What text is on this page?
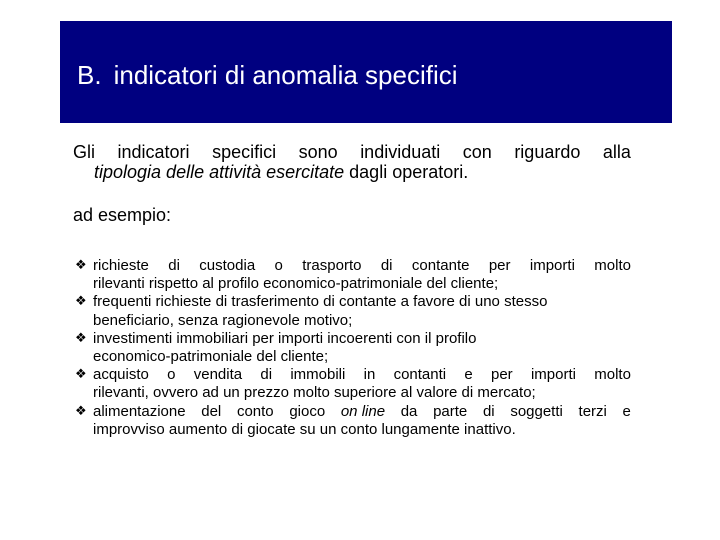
B. indicatori di anomalia specifici
Gli indicatori specifici sono individuati con riguardo alla
tipologia delle attività esercitate dagli operatori.
ad esempio:
❖ richieste di custodia o trasporto di contante per importi molto
rilevanti rispetto al profilo economico-patrimoniale del cliente;
❖ frequenti richieste di trasferimento di contante a favore di uno stesso
beneficiario, senza ragionevole motivo;
❖ investimenti immobiliari per importi incoerenti con il profilo
economico-patrimoniale del cliente;
❖ acquisto o vendita di immobili in contanti e per importi molto
rilevanti, ovvero ad un prezzo molto superiore al valore di mercato;
❖ alimentazione del conto gioco on line da parte di soggetti terzi e
improvviso aumento di giocate su un conto lungamente inattivo.
